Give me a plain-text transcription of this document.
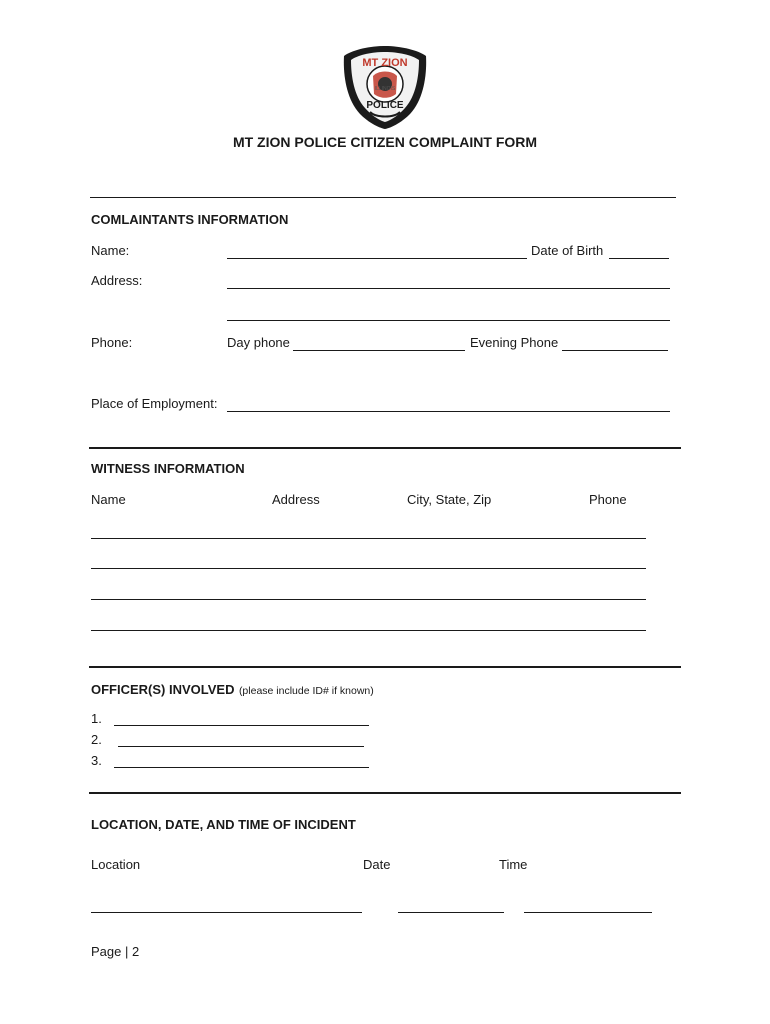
MT ZION
ILLINOIS
POLICE
MT ZION POLICE CITIZEN COMPLAINT FORM
COMLAINTANTS INFORMATION
Name:	Date of Birth
Address:
Phone:	Day phone	Evening Phone
Place of Employment:
WITNESS INFORMATION
Name	Address	City, State, Zip	Phone
OFFICER(S) INVOLVED (please include ID# if known)
1.
2.
3.
LOCATION, DATE, AND TIME OF INCIDENT
Location	Date	Time
Page | 2
